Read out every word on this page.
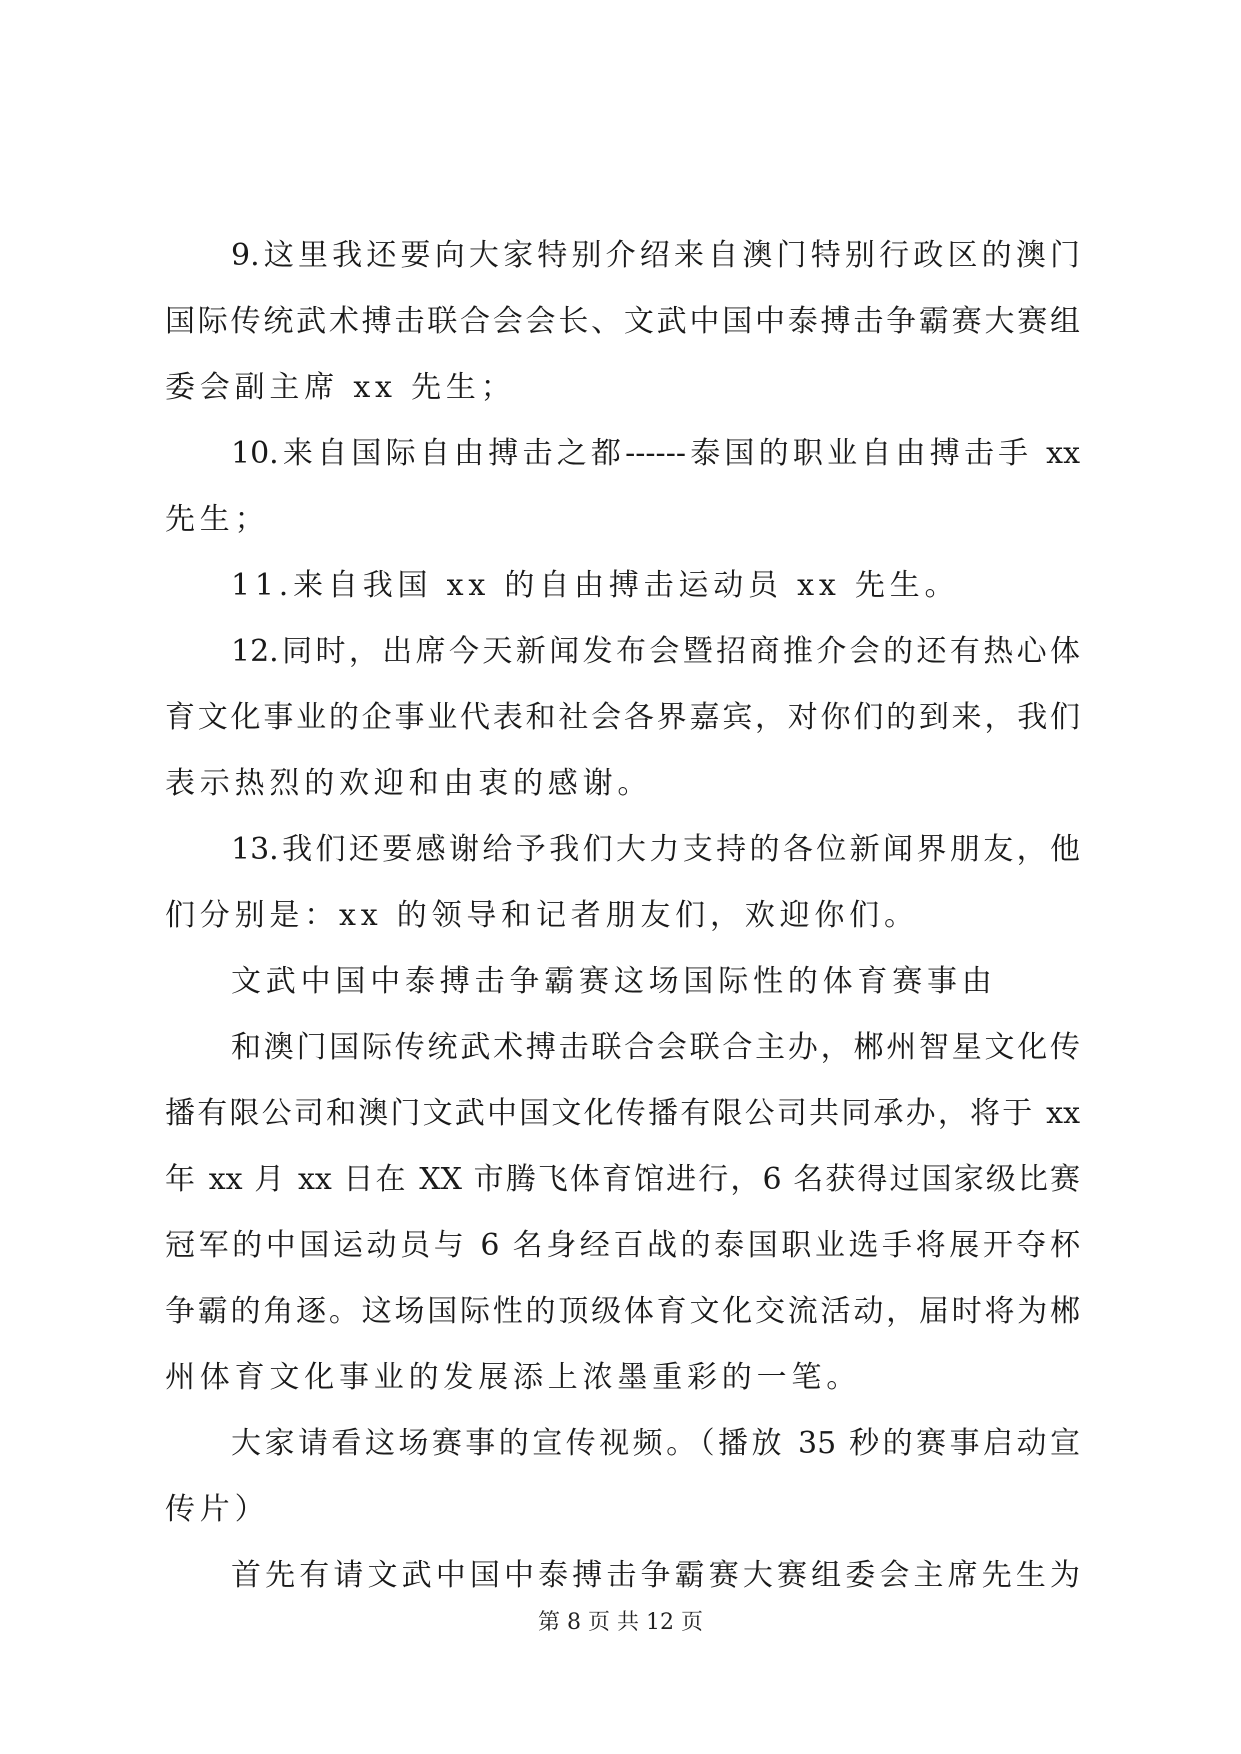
9.这里我还要向大家特别介绍来自澳门特别行政区的澳门
国际传统武术搏击联合会会长、文武中国中泰搏击争霸赛大赛组
委会副主席 xx 先生；
10.来自国际自由搏击之都------泰国的职业自由搏击手 xx
先生；
11.来自我国 xx 的自由搏击运动员 xx 先生。
12.同时，出席今天新闻发布会暨招商推介会的还有热心体
育文化事业的企事业代表和社会各界嘉宾，对你们的到来，我们
表示热烈的欢迎和由衷的感谢。
13.我们还要感谢给予我们大力支持的各位新闻界朋友，他
们分别是：xx 的领导和记者朋友们，欢迎你们。
文武中国中泰搏击争霸赛这场国际性的体育赛事由
和澳门国际传统武术搏击联合会联合主办，郴州智星文化传
播有限公司和澳门文武中国文化传播有限公司共同承办，将于 xx
年 xx 月 xx 日在 XX 市腾飞体育馆进行，6 名获得过国家级比赛
冠军的中国运动员与 6 名身经百战的泰国职业选手将展开夺杯
争霸的角逐。这场国际性的顶级体育文化交流活动，届时将为郴
州体育文化事业的发展添上浓墨重彩的一笔。
大家请看这场赛事的宣传视频。（播放 35 秒的赛事启动宣
传片）
首先有请文武中国中泰搏击争霸赛大赛组委会主席先生为
第 8 页 共 12 页
